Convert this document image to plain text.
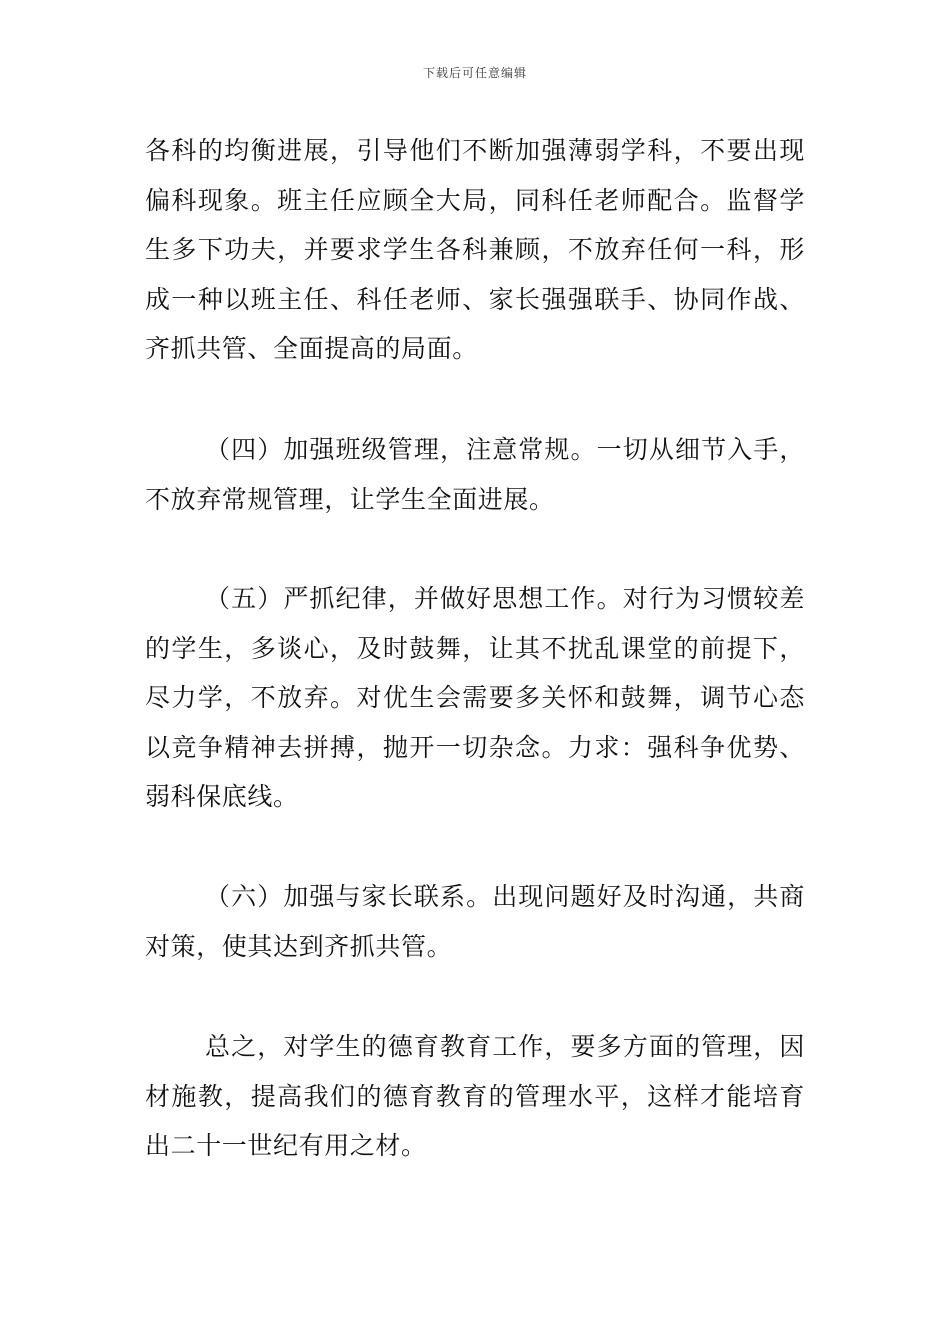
下载后可任意编辑

各科的均衡进展，引导他们不断加强薄弱学科，不要出现偏科现象。班主任应顾全大局，同科任老师配合。监督学生多下功夫，并要求学生各科兼顾，不放弃任何一科，形成一种以班主任、科任老师、家长强强联手、协同作战、齐抓共管、全面提高的局面。

（四）加强班级管理，注意常规。一切从细节入手，不放弃常规管理，让学生全面进展。

（五）严抓纪律，并做好思想工作。对行为习惯较差的学生，多谈心，及时鼓舞，让其不扰乱课堂的前提下，尽力学，不放弃。对优生会需要多关怀和鼓舞，调节心态以竞争精神去拼搏，抛开一切杂念。力求：强科争优势、弱科保底线。

（六）加强与家长联系。出现问题好及时沟通，共商对策，使其达到齐抓共管。

总之，对学生的德育教育工作，要多方面的管理，因材施教，提高我们的德育教育的管理水平，这样才能培育出二十一世纪有用之材。
